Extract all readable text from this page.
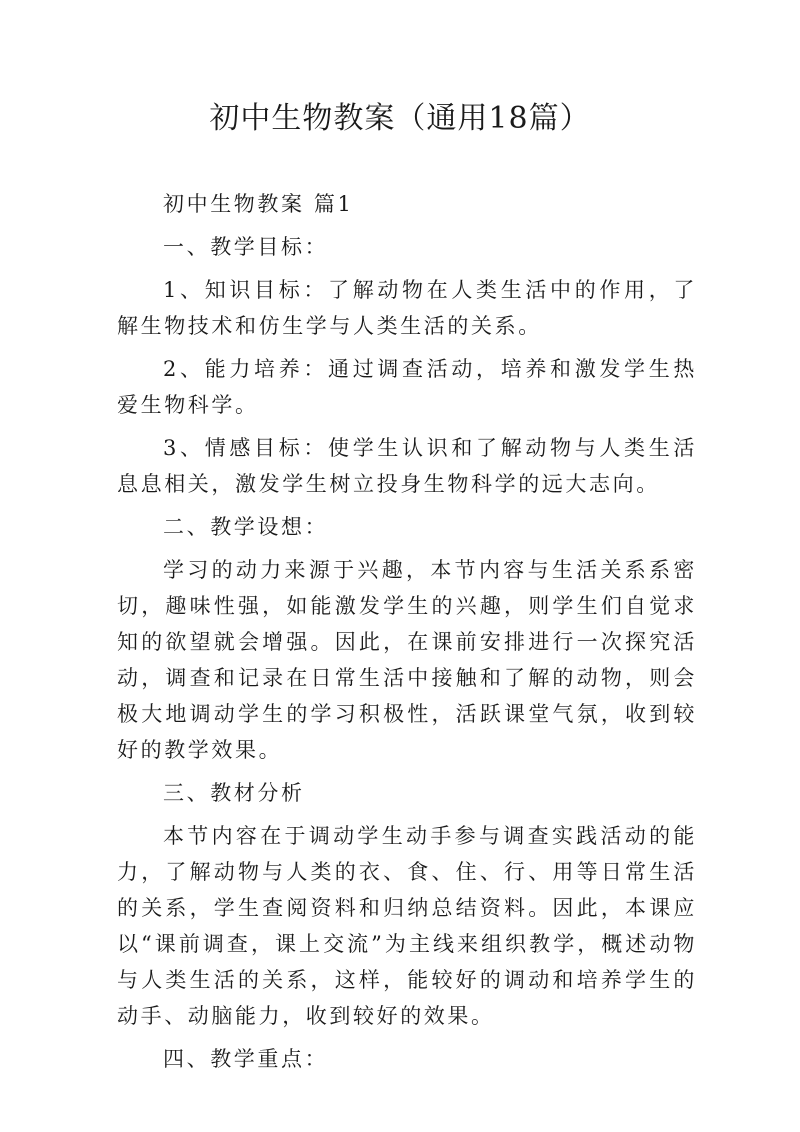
初中生物教案（通用18篇）

初中生物教案 篇1

一、教学目标：

1、知识目标：了解动物在人类生活中的作用，了解生物技术和仿生学与人类生活的关系。

2、能力培养：通过调查活动，培养和激发学生热爱生物科学。

3、情感目标：使学生认识和了解动物与人类生活息息相关，激发学生树立投身生物科学的远大志向。

二、教学设想：

学习的动力来源于兴趣，本节内容与生活关系系密切，趣味性强，如能激发学生的兴趣，则学生们自觉求知的欲望就会增强。因此，在课前安排进行一次探究活动，调查和记录在日常生活中接触和了解的动物，则会极大地调动学生的学习积极性，活跃课堂气氛，收到较好的教学效果。

三、教材分析

本节内容在于调动学生动手参与调查实践活动的能力，了解动物与人类的衣、食、住、行、用等日常生活的关系，学生查阅资料和归纳总结资料。因此，本课应以“课前调查，课上交流”为主线来组织教学，概述动物与人类生活的关系，这样，能较好的调动和培养学生的动手、动脑能力，收到较好的效果。

四、教学重点：
